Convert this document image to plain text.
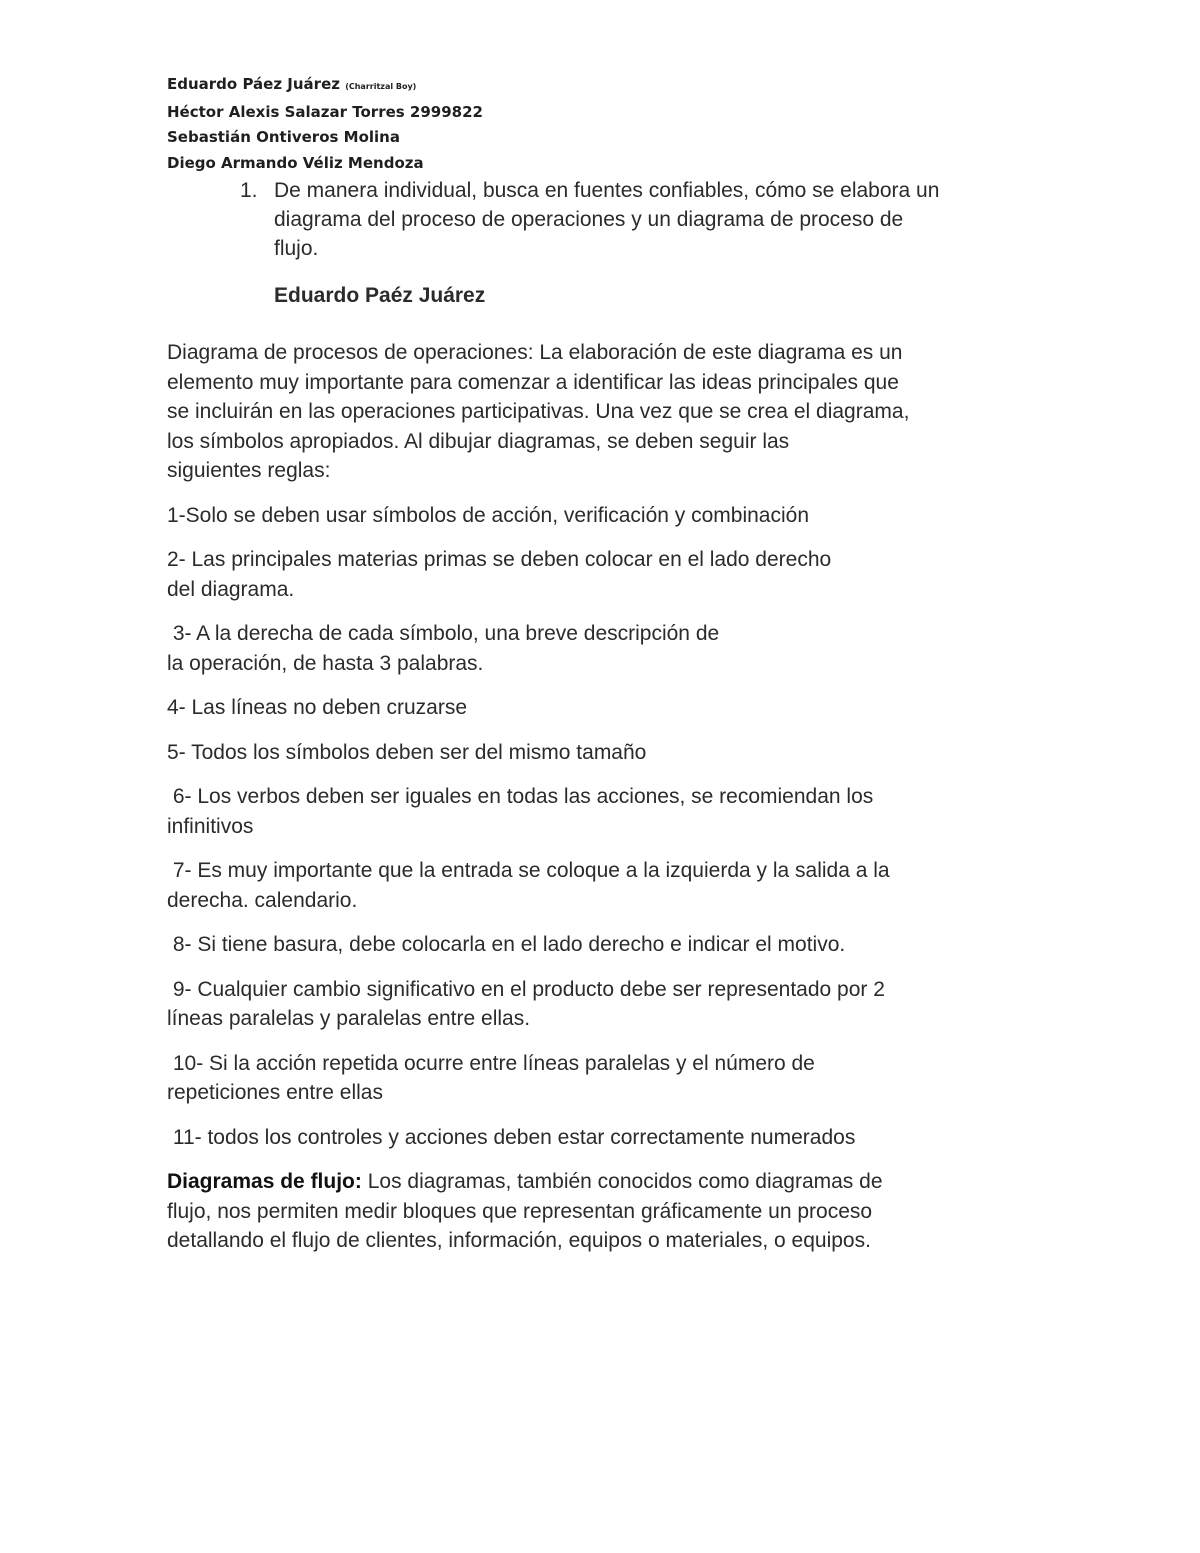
Eduardo Páez Juárez (Charritzal Boy)
Héctor Alexis Salazar Torres 2999822
Sebastián Ontiveros Molina
Diego Armando Véliz Mendoza
1. De manera individual, busca en fuentes confiables, cómo se elabora un
diagrama del proceso de operaciones y un diagrama de proceso de
flujo.
Eduardo Paéz Juárez
Diagrama de procesos de operaciones: La elaboración de este diagrama es un
elemento muy importante para comenzar a identificar las ideas principales que
se incluirán en las operaciones participativas. Una vez que se crea el diagrama,
los símbolos apropiados. Al dibujar diagramas, se deben seguir las
siguientes reglas:
1-Solo se deben usar símbolos de acción, verificación y combinación
2- Las principales materias primas se deben colocar en el lado derecho
del diagrama.
3- A la derecha de cada símbolo, una breve descripción de
la operación, de hasta 3 palabras.
4- Las líneas no deben cruzarse
5- Todos los símbolos deben ser del mismo tamaño
6- Los verbos deben ser iguales en todas las acciones, se recomiendan los
infinitivos
7- Es muy importante que la entrada se coloque a la izquierda y la salida a la
derecha. calendario.
8- Si tiene basura, debe colocarla en el lado derecho e indicar el motivo.
9- Cualquier cambio significativo en el producto debe ser representado por 2
líneas paralelas y paralelas entre ellas.
10- Si la acción repetida ocurre entre líneas paralelas y el número de
repeticiones entre ellas
11- todos los controles y acciones deben estar correctamente numerados
Diagramas de flujo: Los diagramas, también conocidos como diagramas de
flujo, nos permiten medir bloques que representan gráficamente un proceso
detallando el flujo de clientes, información, equipos o materiales, o equipos.
